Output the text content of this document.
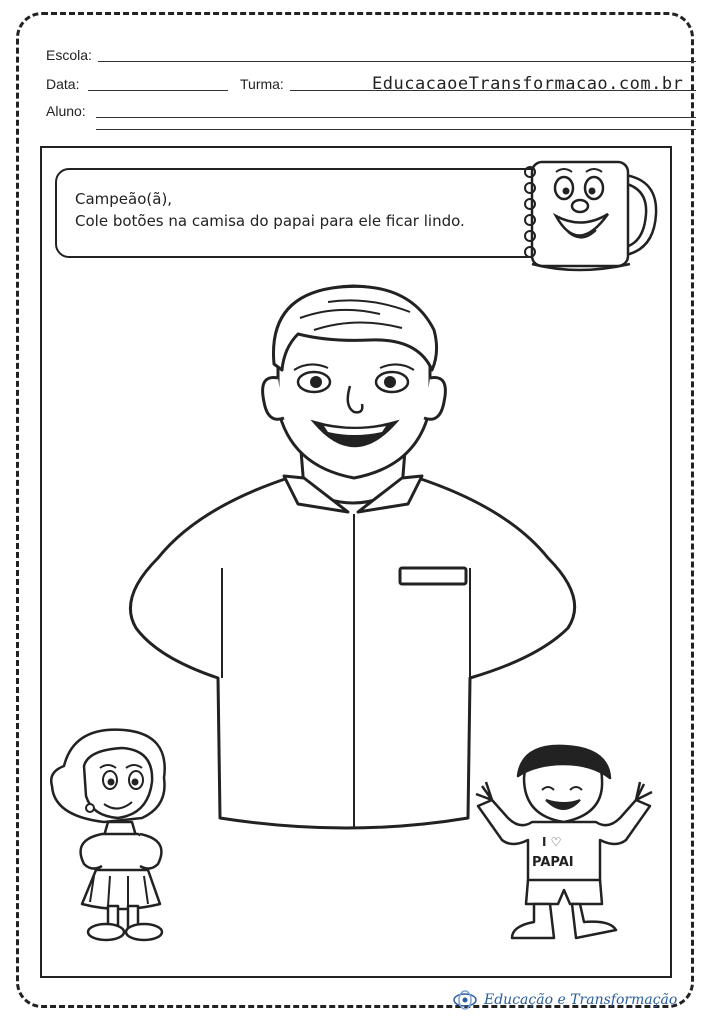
Escola:
Data:	Turma:	EducacaoeTransformacao.com.br
Aluno:
Campeão(ã),
Cole botões na camisa do papai para ele ficar lindo.
I ♡
PAPAI
Educação e Transformação
